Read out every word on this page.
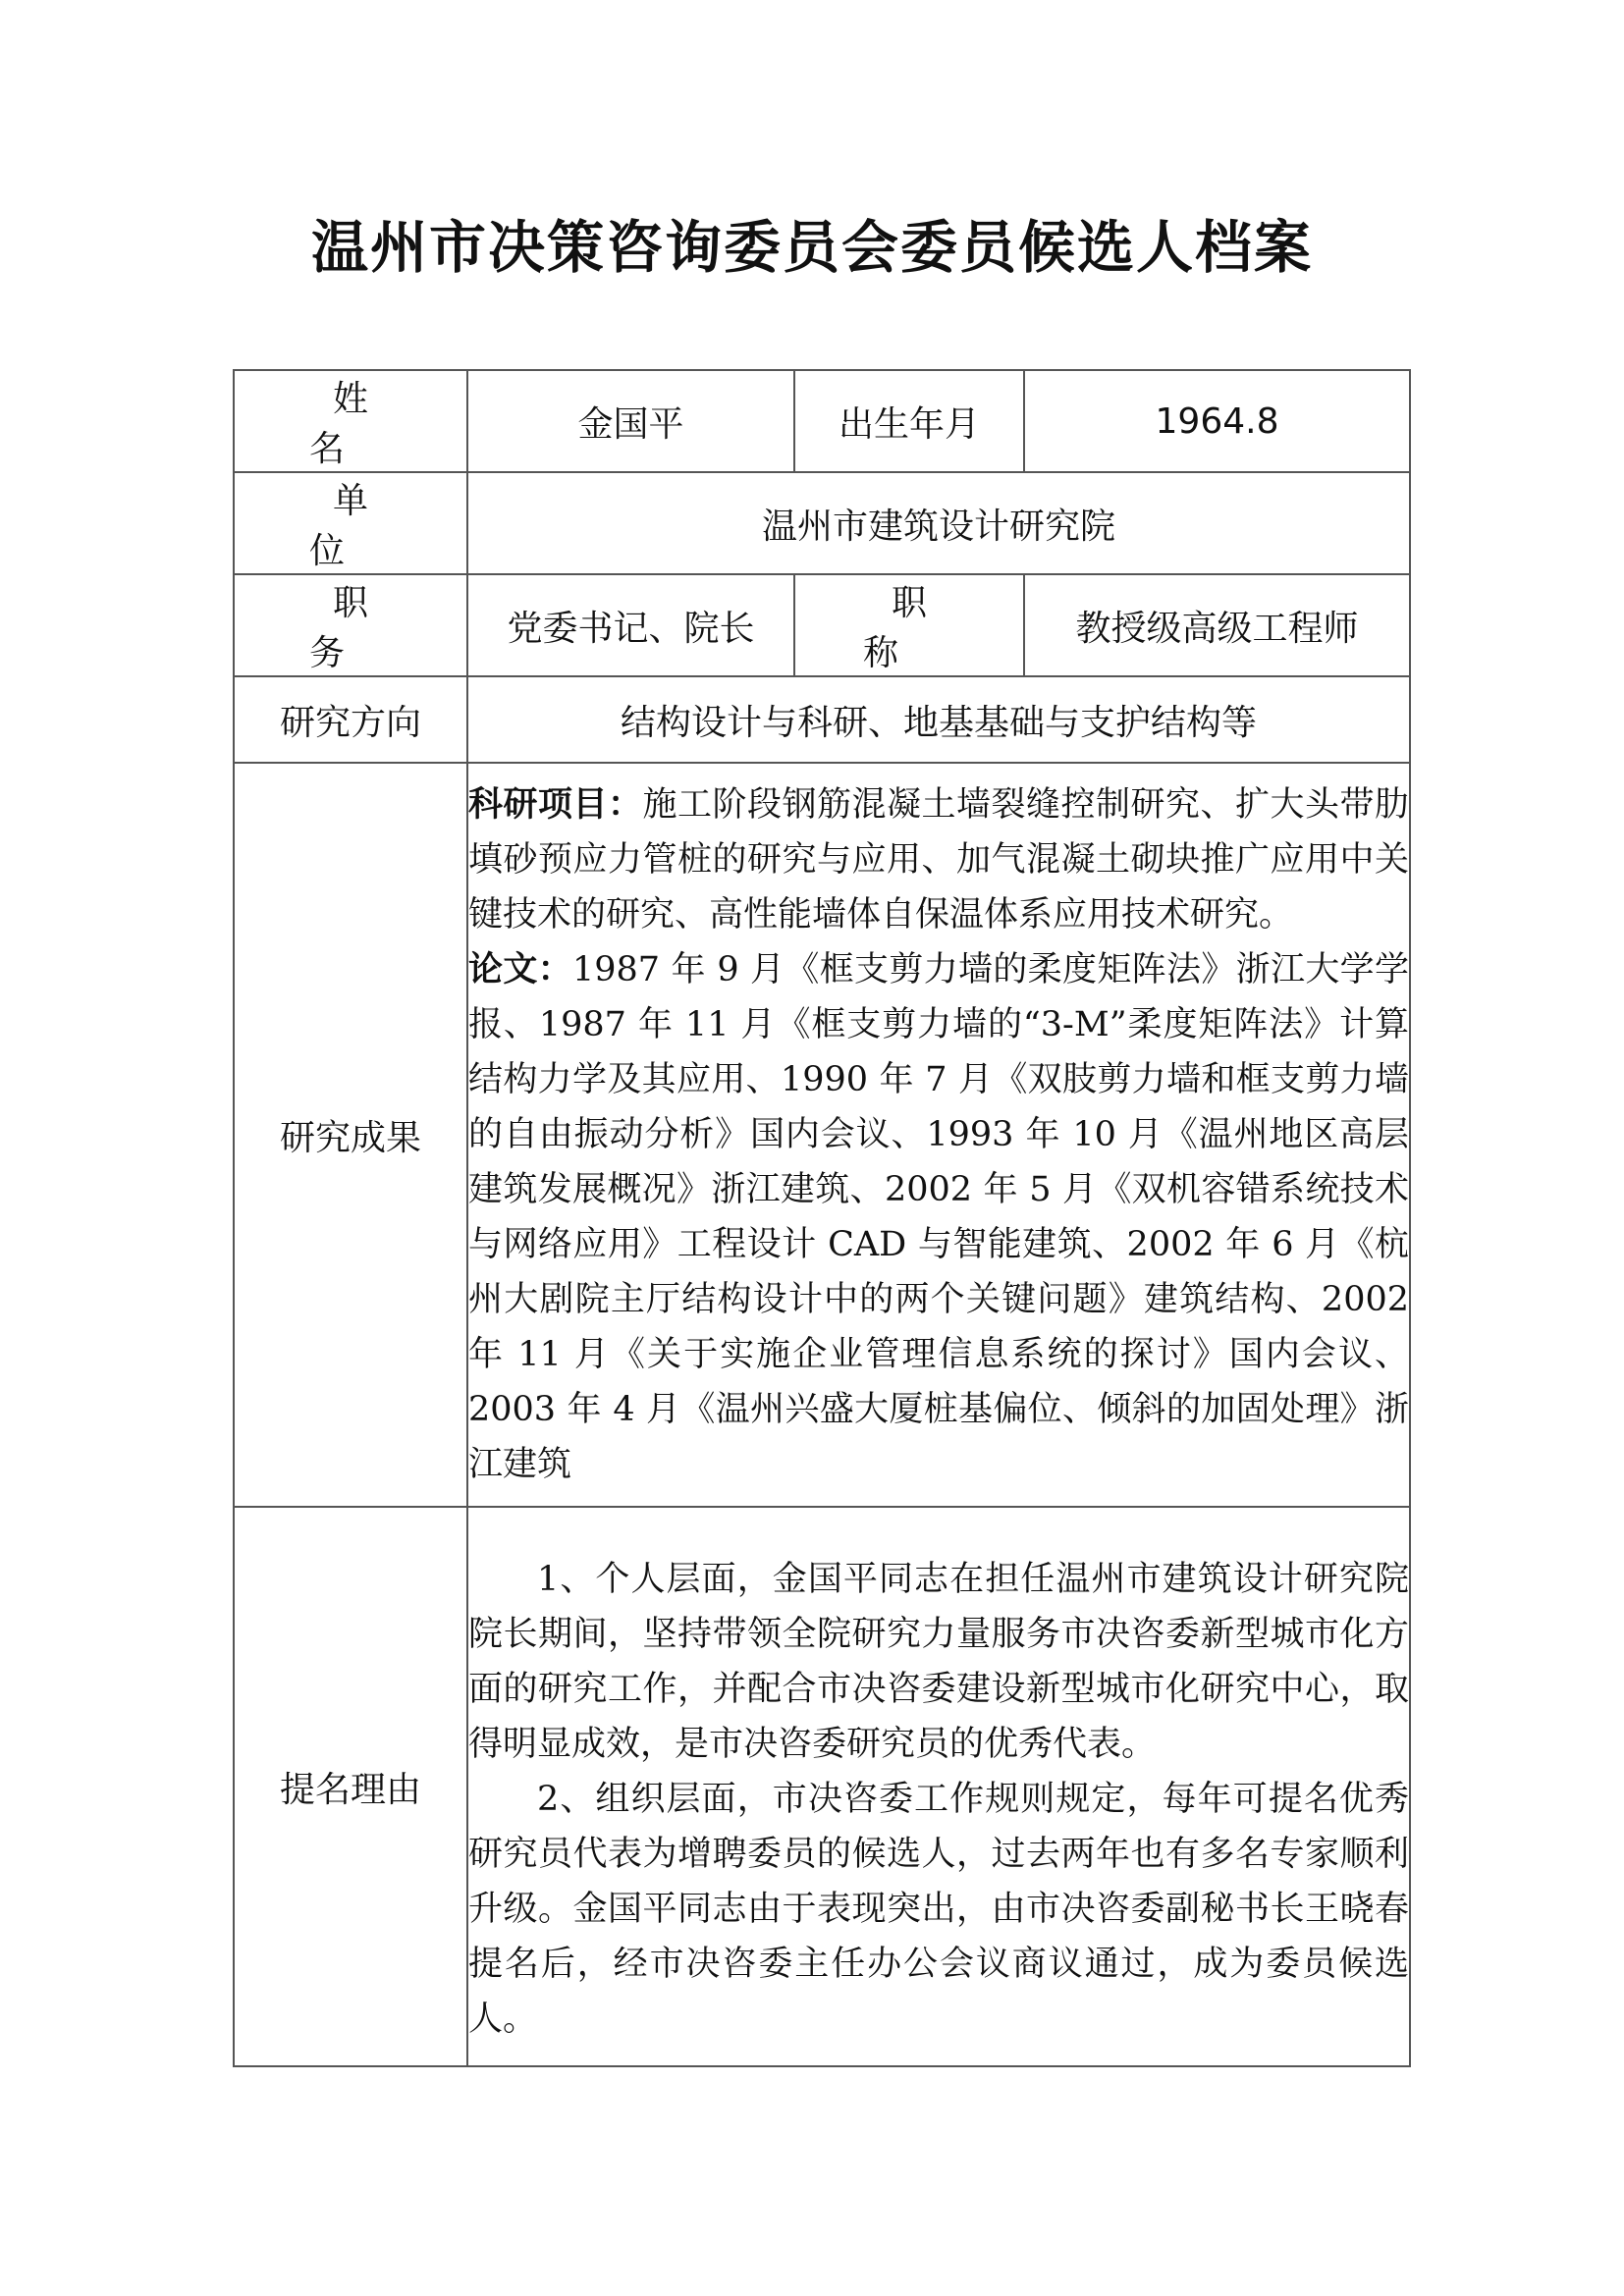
温州市决策咨询委员会委员候选人档案
姓 名	金国平	出生年月	1964.8
单 位	温州市建筑设计研究院		
职 务	党委书记、院长	职 称	教授级高级工程师
研究方向	结构设计与科研、地基基础与支护结构等		
研究成果	科研项目：施工阶段钢筋混凝土墙裂缝控制研究、扩大头带肋填砂预应力管桩的研究与应用、加气混凝土砌块推广应用中关键技术的研究、高性能墙体自保温体系应用技术研究。

论文：1987 年 9 月《框支剪力墙的柔度矩阵法》浙江大学学报、1987 年 11 月《框支剪力墙的“3-M”柔度矩阵法》计算结构力学及其应用、1990 年 7 月《双肢剪力墙和框支剪力墙的自由振动分析》国内会议、1993 年 10 月《温州地区高层建筑发展概况》浙江建筑、2002 年 5 月《双机容错系统技术与网络应用》工程设计 CAD 与智能建筑、2002 年 6 月《杭州大剧院主厅结构设计中的两个关键问题》建筑结构、2002 年 11 月《关于实施企业管理信息系统的探讨》国内会议、2003 年 4 月《温州兴盛大厦桩基偏位、倾斜的加固处理》浙江建筑		

提名理由	1、个人层面，金国平同志在担任温州市建筑设计研究院院长期间，坚持带领全院研究力量服务市决咨委新型城市化方面的研究工作，并配合市决咨委建设新型城市化研究中心，取得明显成效，是市决咨委研究员的优秀代表。

2、组织层面，市决咨委工作规则规定，每年可提名优秀研究员代表为增聘委员的候选人，过去两年也有多名专家顺利升级。金国平同志由于表现突出，由市决咨委副秘书长王晓春提名后，经市决咨委主任办公会议商议通过，成为委员候选人。		
